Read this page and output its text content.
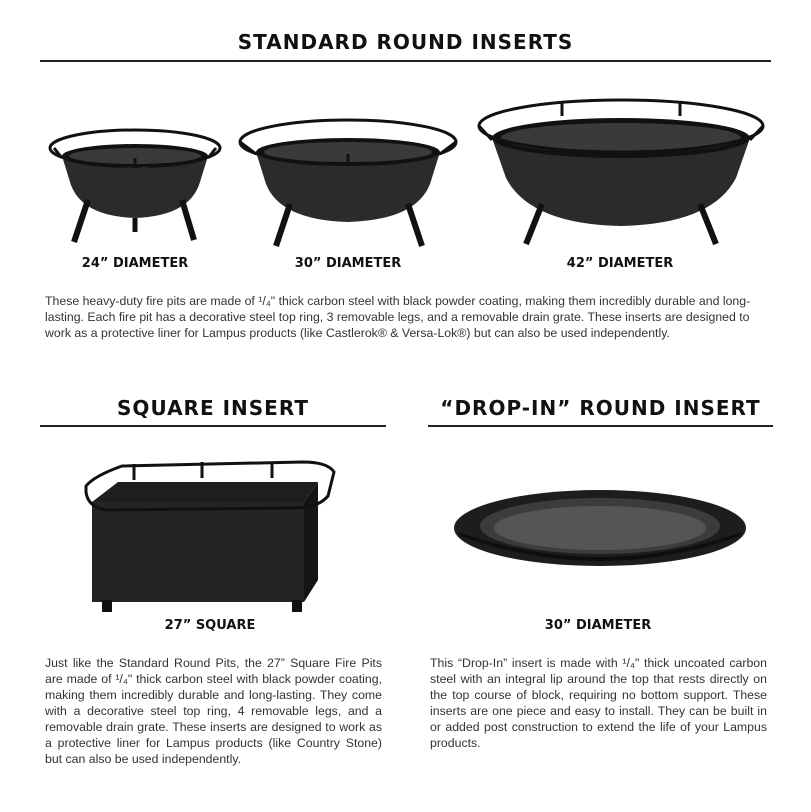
STANDARD ROUND INSERTS
24” DIAMETER	30” DIAMETER	42” DIAMETER
These heavy-duty fire pits are made of ¹/₄" thick carbon steel with black powder coating, making them incredibly durable and long-lasting. Each fire pit has a decorative steel top ring, 3 removable legs, and a removable drain grate. These inserts are designed to work as a protective liner for Lampus products (like Castlerok® & Versa-Lok®) but can also be used independently.
SQUARE INSERT
27” SQUARE
Just like the Standard Round Pits, the 27” Square Fire Pits are made of ¹/₄" thick carbon steel with black powder coating, making them incredibly durable and long-lasting. They come with a decorative steel top ring, 4 removable legs, and a removable drain grate. These inserts are designed to work as a protective liner for Lampus products (like Country Stone) but can also be used independently.
“DROP-IN” ROUND INSERT
30” DIAMETER
This “Drop-In” insert is made with ¹/₄" thick uncoated carbon steel with an integral lip around the top that rests directly on the top course of block, requiring no bottom support. These inserts are one piece and easy to install. They can be built in or added post construction to extend the life of your Lampus products.
